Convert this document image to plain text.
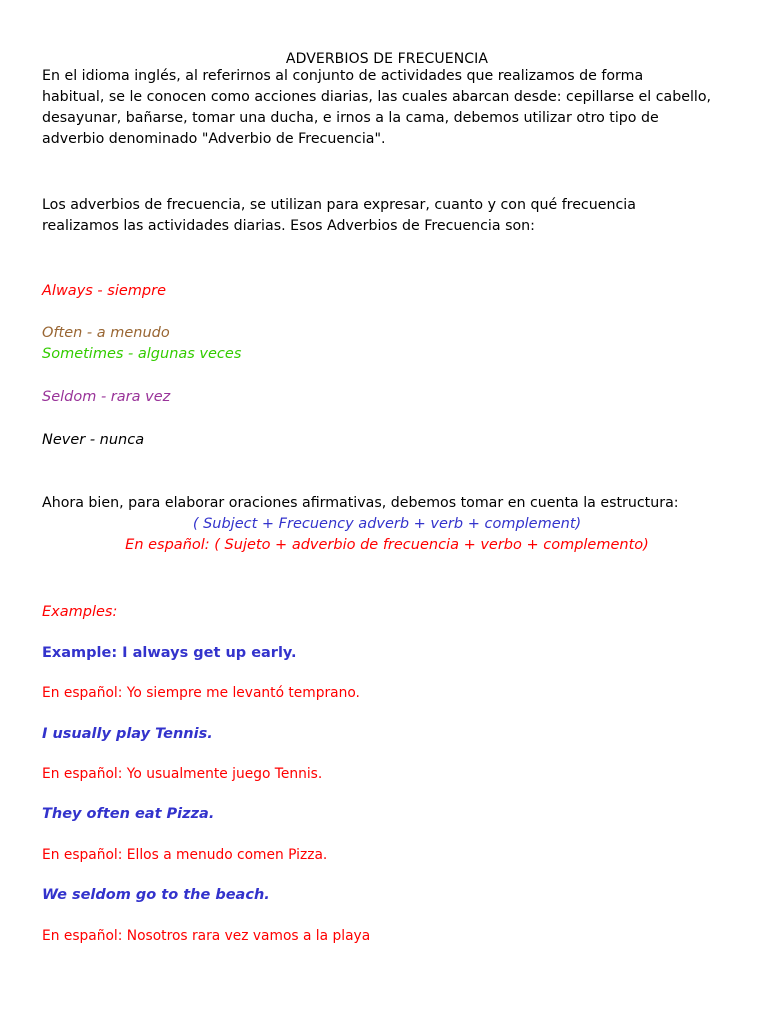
ADVERBIOS DE FRECUENCIA
En el idioma inglés, al referirnos al conjunto de actividades que realizamos de forma
habitual, se le conocen como acciones diarias, las cuales abarcan desde: cepillarse el cabello,
desayunar, bañarse, tomar una ducha, e irnos a la cama, debemos utilizar otro tipo de
adverbio denominado "Adverbio de Frecuencia".
Los adverbios de frecuencia, se utilizan para expresar, cuanto y con qué frecuencia
realizamos las actividades diarias. Esos Adverbios de Frecuencia son:
Always - siempre
Often - a menudo
Sometimes - algunas veces
Seldom - rara vez
Never - nunca
Ahora bien, para elaborar oraciones afirmativas, debemos tomar en cuenta la estructura:
( Subject + Frecuency adverb + verb + complement)
En español: ( Sujeto + adverbio de frecuencia + verbo + complemento)
Examples:
Example: I always get up early.
En español: Yo siempre me levantó temprano.
I usually play Tennis.
En español: Yo usualmente juego Tennis.
They often eat Pizza.
En español: Ellos a menudo comen Pizza.
We seldom go to the beach.
En español: Nosotros rara vez vamos a la playa
